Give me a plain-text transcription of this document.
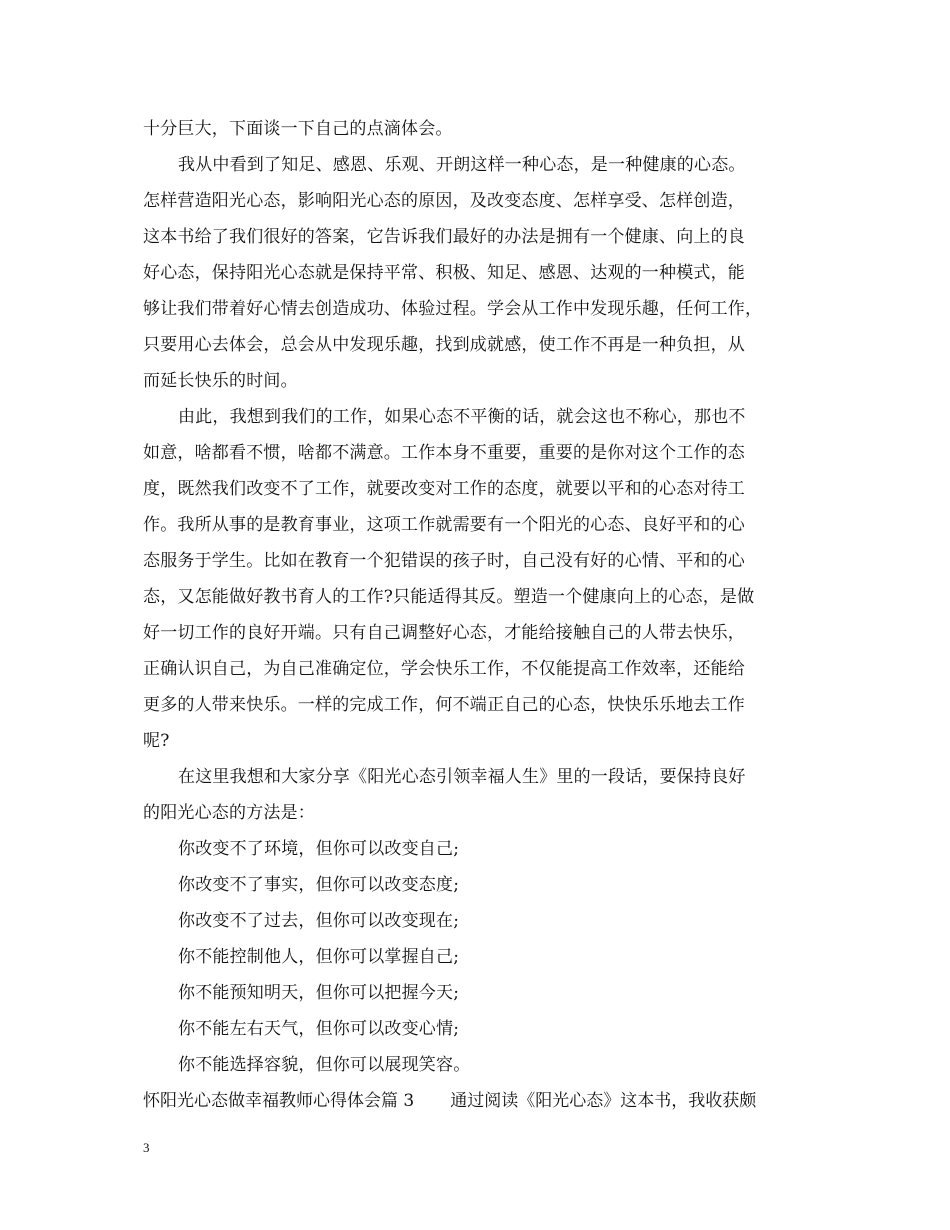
十分巨大，下面谈一下自己的点滴体会。
我从中看到了知足、感恩、乐观、开朗这样一种心态，是一种健康的心态。
怎样营造阳光心态，影响阳光心态的原因，及改变态度、怎样享受、怎样创造，
这本书给了我们很好的答案，它告诉我们最好的办法是拥有一个健康、向上的良
好心态，保持阳光心态就是保持平常、积极、知足、感恩、达观的一种模式，能
够让我们带着好心情去创造成功、体验过程。学会从工作中发现乐趣，任何工作，
只要用心去体会，总会从中发现乐趣，找到成就感，使工作不再是一种负担，从
而延长快乐的时间。
由此，我想到我们的工作，如果心态不平衡的话，就会这也不称心，那也不
如意，啥都看不惯，啥都不满意。工作本身不重要，重要的是你对这个工作的态
度，既然我们改变不了工作，就要改变对工作的态度，就要以平和的心态对待工
作。我所从事的是教育事业，这项工作就需要有一个阳光的心态、良好平和的心
态服务于学生。比如在教育一个犯错误的孩子时，自己没有好的心情、平和的心
态，又怎能做好教书育人的工作?只能适得其反。塑造一个健康向上的心态，是做
好一切工作的良好开端。只有自己调整好心态，才能给接触自己的人带去快乐，
正确认识自己，为自己准确定位，学会快乐工作，不仅能提高工作效率，还能给
更多的人带来快乐。一样的完成工作，何不端正自己的心态，快快乐乐地去工作
呢?
在这里我想和大家分享《阳光心态引领幸福人生》里的一段话，要保持良好
的阳光心态的方法是：
你改变不了环境，但你可以改变自己;
你改变不了事实，但你可以改变态度;
你改变不了过去，但你可以改变现在;
你不能控制他人，但你可以掌握自己;
你不能预知明天，但你可以把握今天;
你不能左右天气，但你可以改变心情;
你不能选择容貌，但你可以展现笑容。
怀阳光心态做幸福教师心得体会篇 3 通过阅读《阳光心态》这本书，我收获颇
3
